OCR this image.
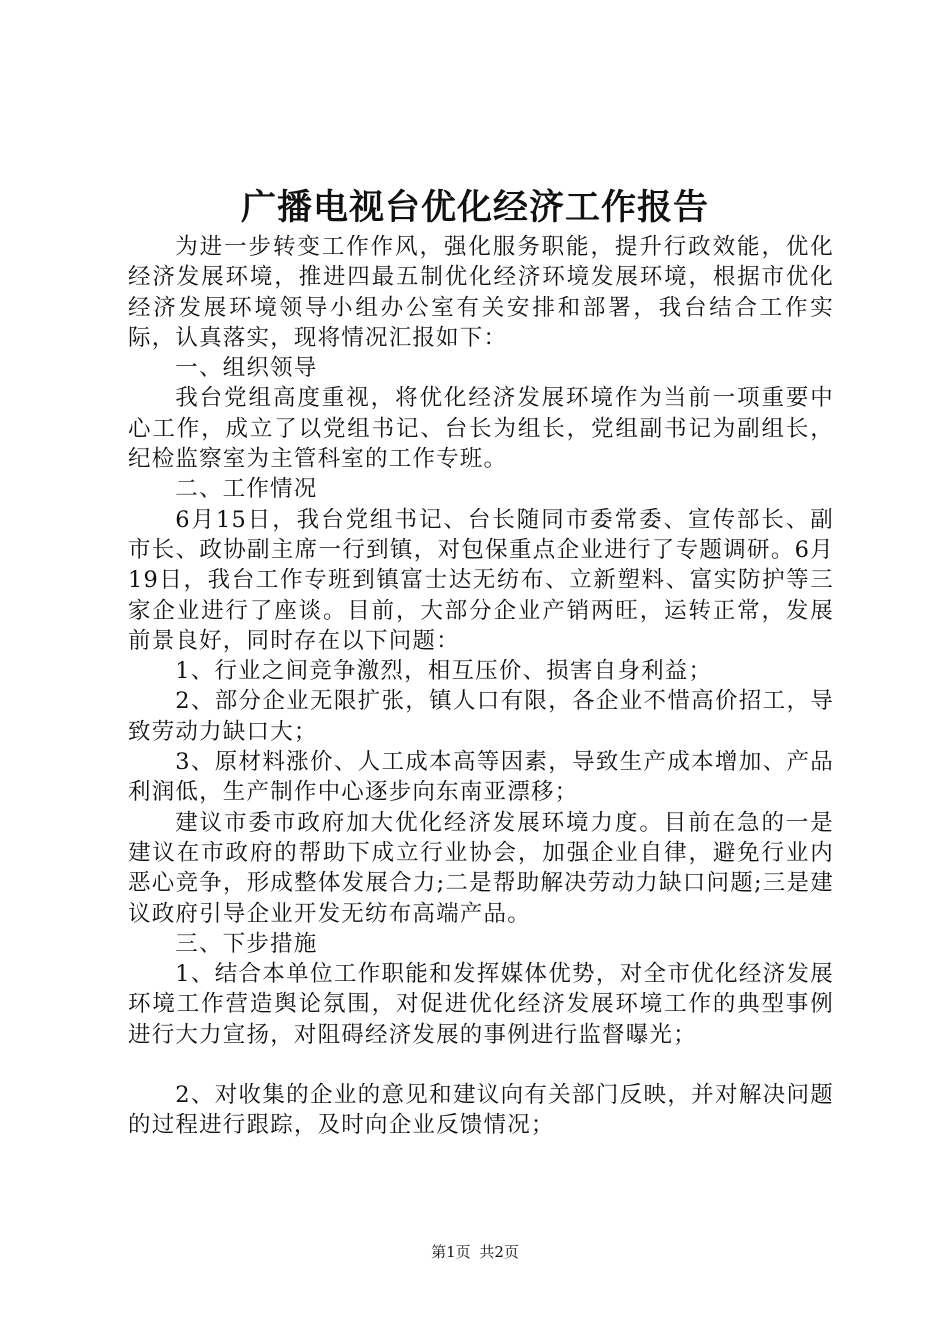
广播电视台优化经济工作报告

为进一步转变工作作风，强化服务职能，提升行政效能，优化经济发展环境，推进四最五制优化经济环境发展环境，根据市优化经济发展环境领导小组办公室有关安排和部署，我台结合工作实际，认真落实，现将情况汇报如下：

一、组织领导

我台党组高度重视，将优化经济发展环境作为当前一项重要中心工作，成立了以党组书记、台长为组长，党组副书记为副组长，纪检监察室为主管科室的工作专班。

二、工作情况

6月15日，我台党组书记、台长随同市委常委、宣传部长、副市长、政协副主席一行到镇，对包保重点企业进行了专题调研。6月19日，我台工作专班到镇富士达无纺布、立新塑料、富实防护等三家企业进行了座谈。目前，大部分企业产销两旺，运转正常，发展前景良好，同时存在以下问题：

1、行业之间竞争激烈，相互压价、损害自身利益；

2、部分企业无限扩张，镇人口有限，各企业不惜高价招工，导致劳动力缺口大；

3、原材料涨价、人工成本高等因素，导致生产成本增加、产品利润低，生产制作中心逐步向东南亚漂移；

建议市委市政府加大优化经济发展环境力度。目前在急的一是建议在市政府的帮助下成立行业协会，加强企业自律，避免行业内恶心竞争，形成整体发展合力;二是帮助解决劳动力缺口问题;三是建议政府引导企业开发无纺布高端产品。

三、下步措施

1、结合本单位工作职能和发挥媒体优势，对全市优化经济发展环境工作营造舆论氛围，对促进优化经济发展环境工作的典型事例进行大力宣扬，对阻碍经济发展的事例进行监督曝光；

2、对收集的企业的意见和建议向有关部门反映，并对解决问题的过程进行跟踪，及时向企业反馈情况；

第1页 共2页
